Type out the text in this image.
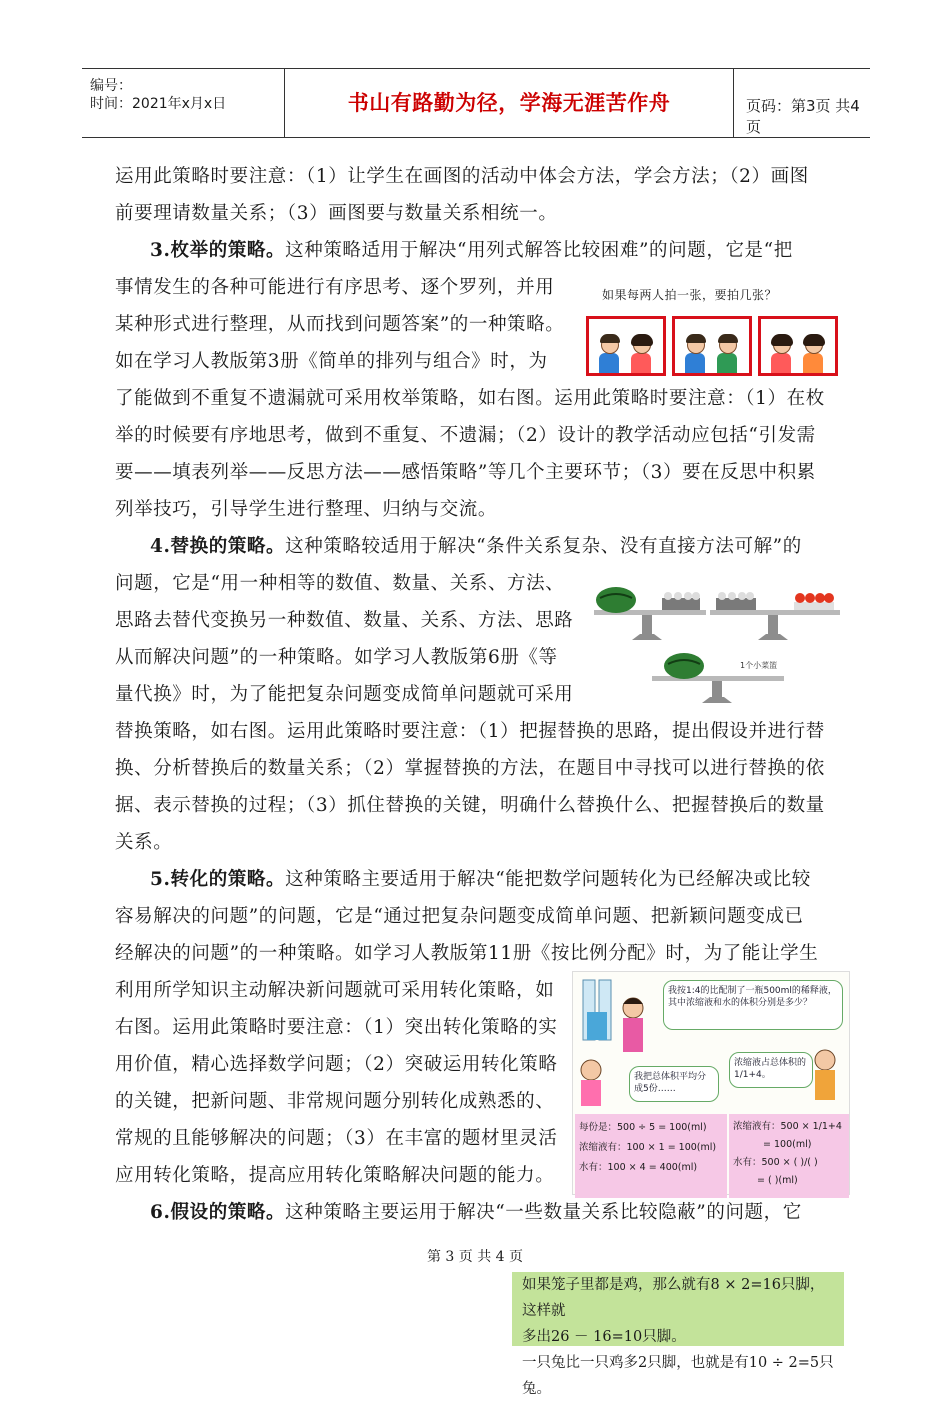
编号：
时间：2021年x月x日	书山有路勤为径，学海无涯苦作舟	页码：第3页 共4页
运用此策略时要注意：（1）让学生在画图的活动中体会方法，学会方法；（2）画图
前要理请数量关系；（3）画图要与数量关系相统一。
3.枚举的策略。这种策略适用于解决“用列式解答比较困难”的问题，它是“把
事情发生的各种可能进行有序思考、逐个罗列，并用
某种形式进行整理，从而找到问题答案”的一种策略。
如在学习人教版第3册《简单的排列与组合》时，为
了能做到不重复不遗漏就可采用枚举策略，如右图。运用此策略时要注意：（1）在枚
举的时候要有序地思考，做到不重复、不遗漏；（2）设计的教学活动应包括“引发需
要——填表列举——反思方法——感悟策略”等几个主要环节；（3）要在反思中积累
列举技巧，引导学生进行整理、归纳与交流。
4.替换的策略。这种策略较适用于解决“条件关系复杂、没有直接方法可解”的
问题，它是“用一种相等的数值、数量、关系、方法、
思路去替代变换另一种数值、数量、关系、方法、思路
从而解决问题”的一种策略。如学习人教版第6册《等
量代换》时，为了能把复杂问题变成简单问题就可采用
替换策略，如右图。运用此策略时要注意：（1）把握替换的思路，提出假设并进行替
换、分析替换后的数量关系；（2）掌握替换的方法，在题目中寻找可以进行替换的依
据、表示替换的过程；（3）抓住替换的关键，明确什么替换什么、把握替换后的数量
关系。
5.转化的策略。这种策略主要适用于解决“能把数学问题转化为已经解决或比较
容易解决的问题”的问题，它是“通过把复杂问题变成简单问题、把新颖问题变成已
经解决的问题”的一种策略。如学习人教版第11册《按比例分配》时，为了能让学生
利用所学知识主动解决新问题就可采用转化策略，如
右图。运用此策略时要注意：（1）突出转化策略的实
用价值，精心选择数学问题；（2）突破运用转化策略
的关键，把新问题、非常规问题分别转化成熟悉的、
常规的且能够解决的问题；（3）在丰富的题材里灵活
应用转化策略，提高应用转化策略解决问题的能力。
6.假设的策略。这种策略主要运用于解决“一些数量关系比较隐蔽”的问题，它
如果每两人拍一张，要拍几张？
1个小菜篮
我按1:4的比配制了一瓶500ml的稀释液，其中浓缩液和水的体积分别是多少？
我把总体积平均分成5份……
浓缩液占总体积的 1/1+4。
每份是：500 ÷ 5 = 100(ml)
浓缩液有：100 × 1 = 100(ml)
水有：100 × 4 = 400(ml)
浓缩液有：500 × 1/1+4
= 100(ml)
水有：500 × ( )/( )
= ( )(ml)
第 3 页 共 4 页
如果笼子里都是鸡，那么就有8 × 2=16只脚，这样就
多出26 － 16=10只脚。
一只兔比一只鸡多2只脚，也就是有10 ÷ 2=5只兔。
